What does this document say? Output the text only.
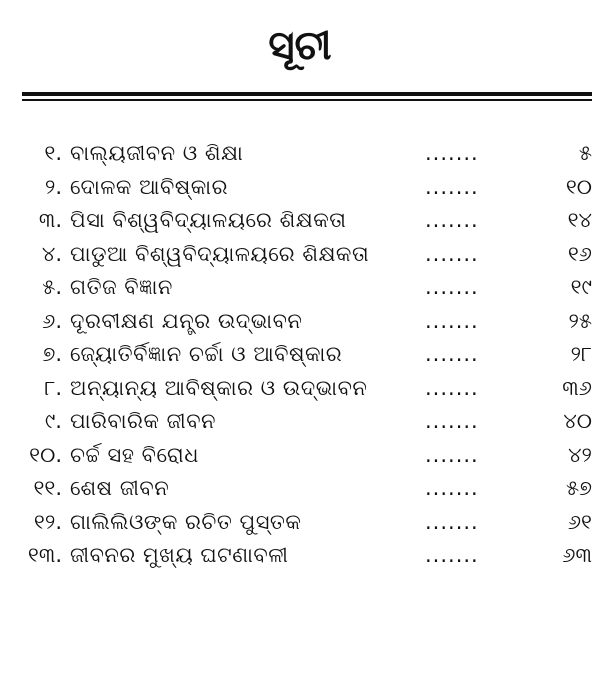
ସୂଚୀ
୧. ବାଲ୍ୟଜୀବନ ଓ ଶିକ୍ଷା	.......	୫
୨. ଦୋଳକ ଆବିଷ୍କାର	.......	୧୦
୩. ପିସା ବିଶ୍ୱବିଦ୍ୟାଳୟରେ ଶିକ୍ଷକତା	.......	୧୪
୪. ପାଡୁଆ ବିଶ୍ୱବିଦ୍ୟାଳୟରେ ଶିକ୍ଷକତା	.......	୧୬
୫. ଗତିଜ ବିଜ୍ଞାନ	.......	୧୯
୬. ଦୂରବୀକ୍ଷଣ ଯନ୍ତ୍ର ଉଦ୍ଭାବନ	.......	୨୫
୭. ଜ୍ୟୋତିର୍ବିଜ୍ଞାନ ଚର୍ଚ୍ଚା ଓ ଆବିଷ୍କାର	.......	୨୮
୮. ଅନ୍ୟାନ୍ୟ ଆବିଷ୍କାର ଓ ଉଦ୍ଭାବନ	.......	୩୬
୯. ପାରିବାରିକ ଜୀବନ	.......	୪୦
୧୦. ଚର୍ଚ୍ଚ ସହ ବିରୋଧ	.......	୪୨
୧୧. ଶେଷ ଜୀବନ	.......	୫୭
୧୨. ଗାଲିଲିଓଙ୍କ ରଚିତ ପୁସ୍ତକ	.......	୬୧
୧୩. ଜୀବନର ମୁଖ୍ୟ ଘଟଣାବଳୀ	.......	୬୩
